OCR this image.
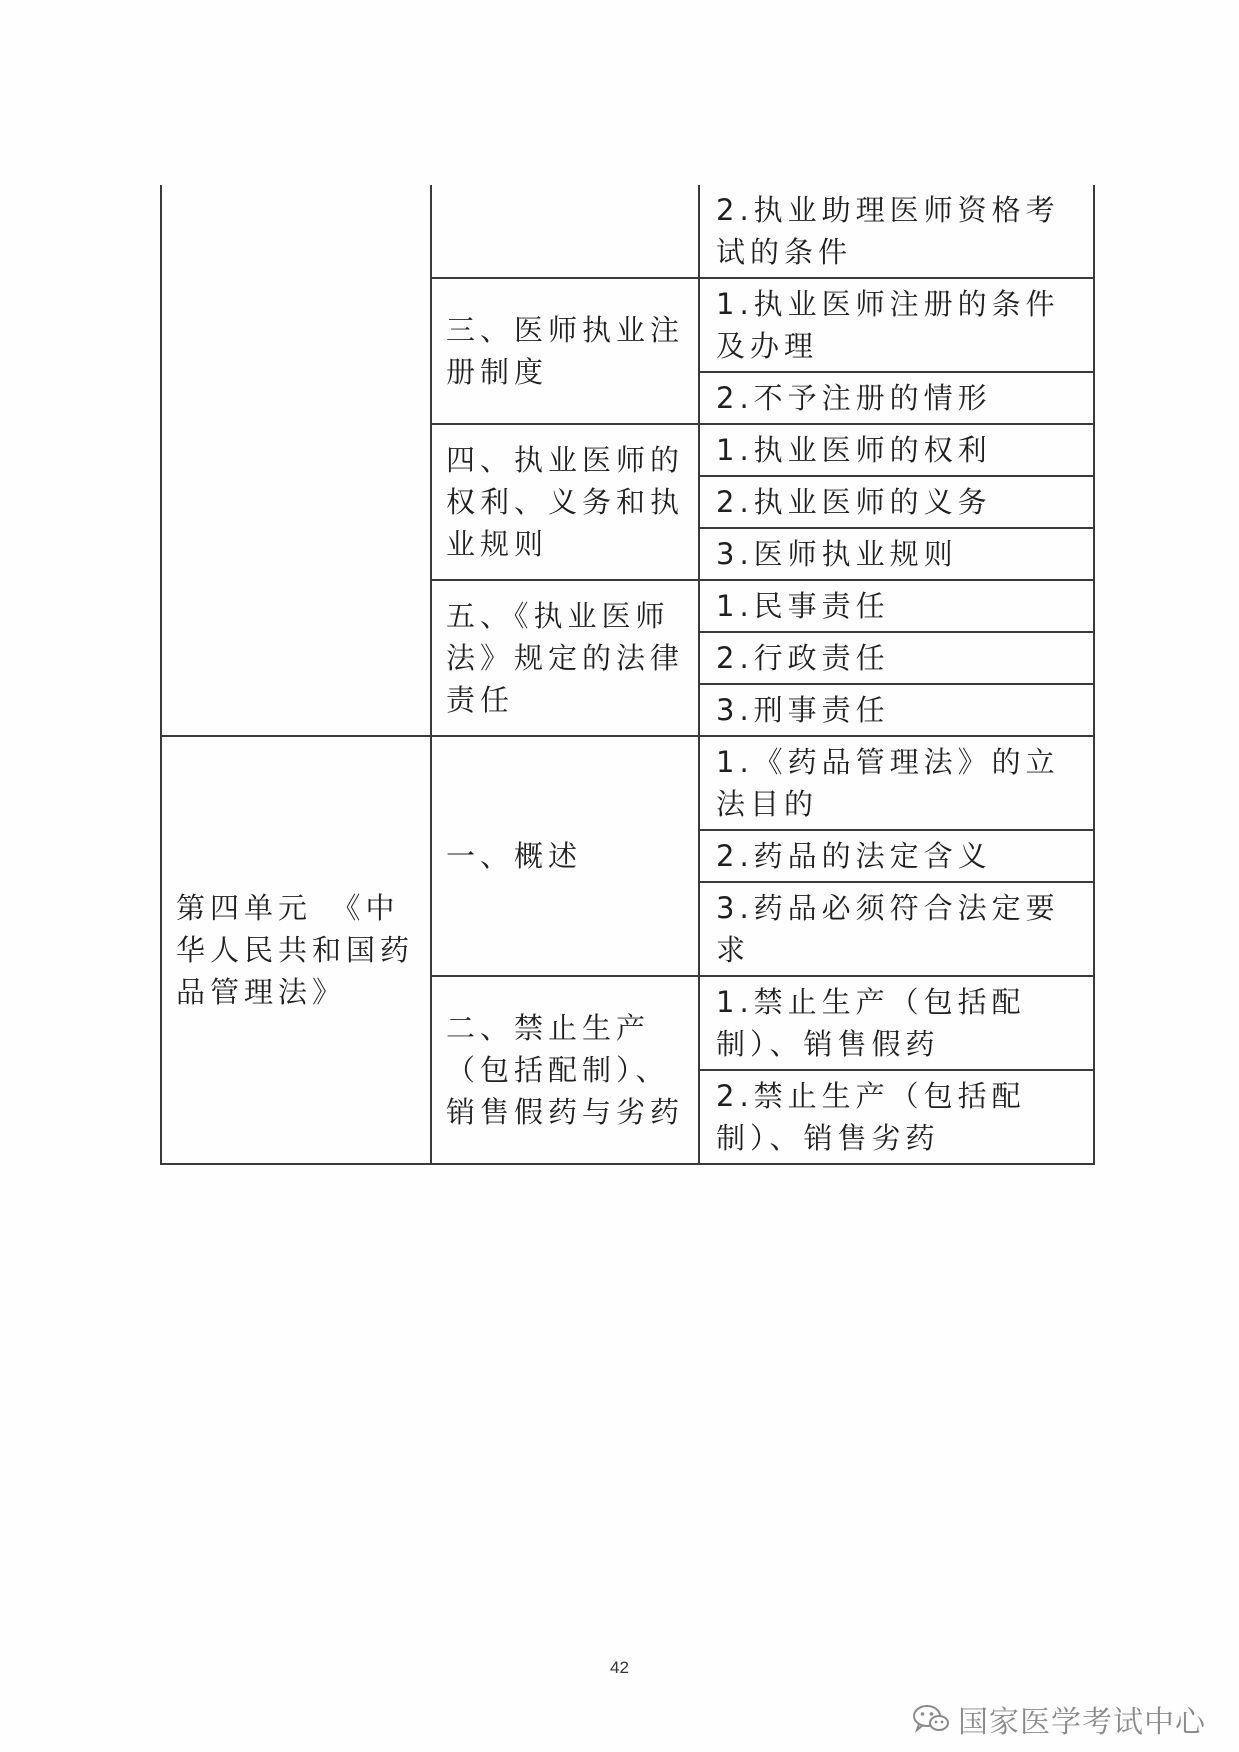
		2.执业助理医师资格考试的条件
	三、医师执业注册制度	1.执业医师注册的条件及办理
		2.不予注册的情形
	四、执业医师的权利、义务和执业规则	1.执业医师的权利
		2.执业医师的义务
		3.医师执业规则
	五、《执业医师法》规定的法律责任	1.民事责任
		2.行政责任
		3.刑事责任
第四单元　《中华人民共和国药品管理法》	一、概述	1.《药品管理法》的立法目的
		2.药品的法定含义
		3.药品必须符合法定要求
	二、禁止生产（包括配制）、销售假药与劣药	1.禁止生产（包括配制）、销售假药
		2.禁止生产（包括配制）、销售劣药
42
国家医学考试中心
